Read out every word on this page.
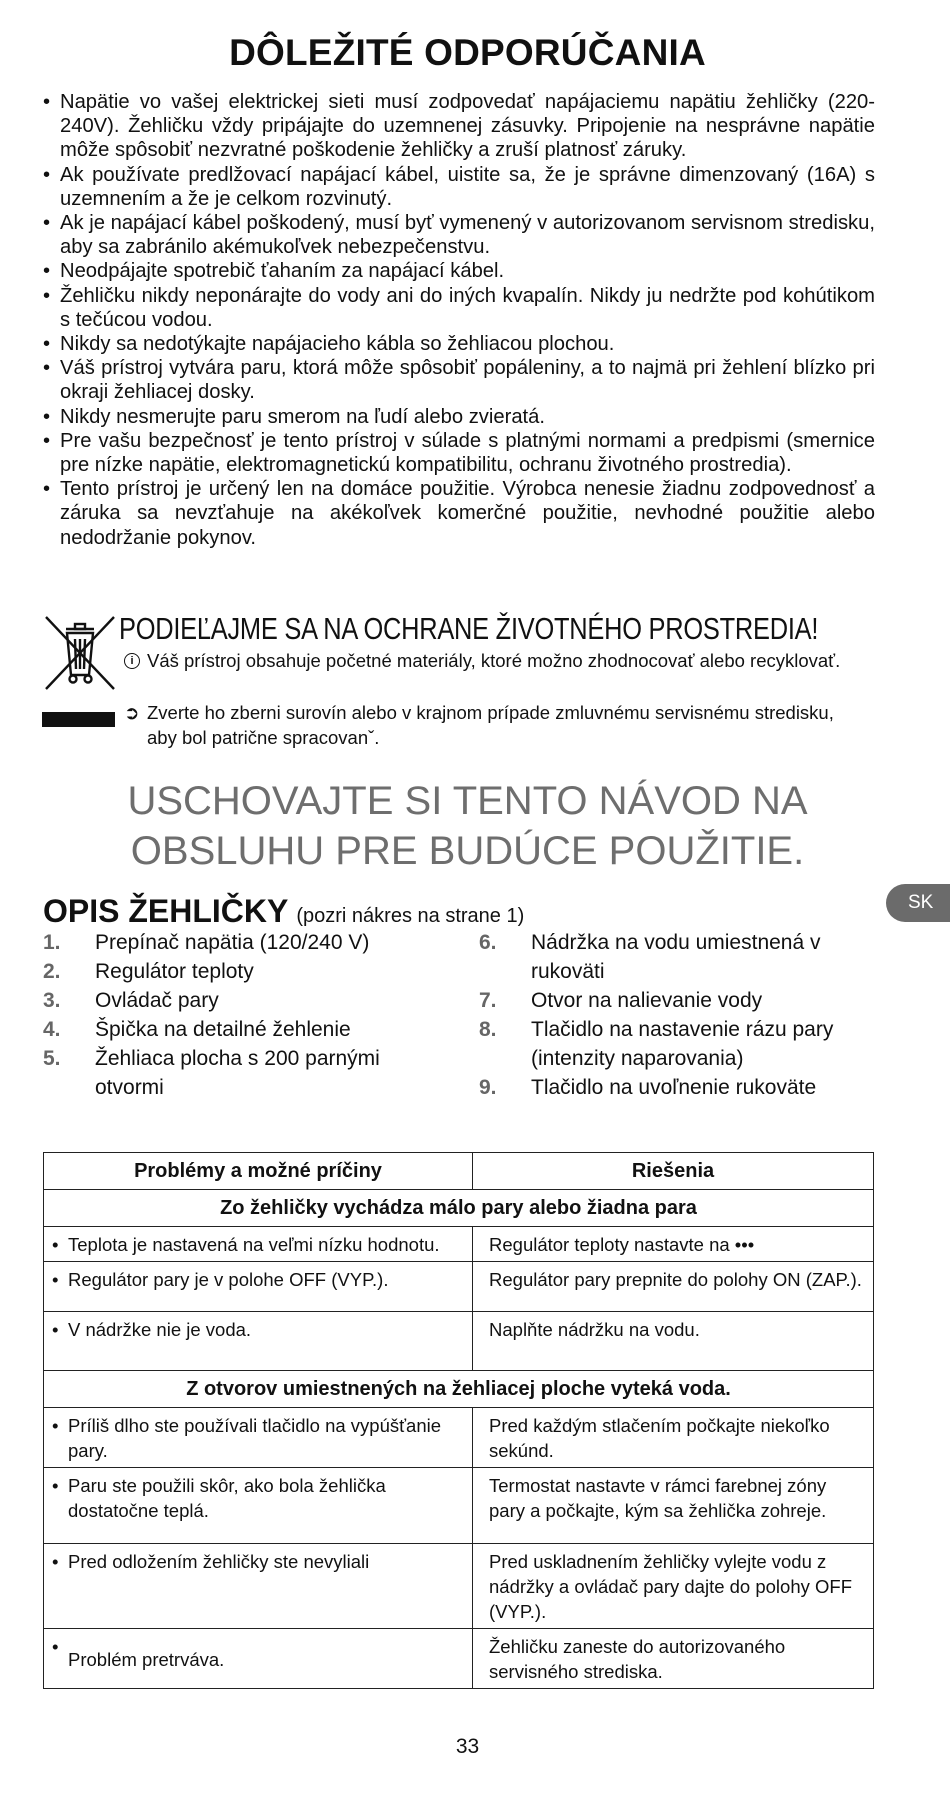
DÔLEŽITÉ ODPORÚČANIA
• Napätie vo vašej elektrickej sieti musí zodpovedať napájaciemu napätiu žehličky (220-240V). Žehličku vždy pripájajte do uzemnenej zásuvky. Pripojenie na nesprávne napätie môže spôsobiť nezvratné poškodenie žehličky a zruší platnosť záruky.
• Ak používate predlžovací napájací kábel, uistite sa, že je správne dimenzovaný (16A) s uzemnením a že je celkom rozvinutý.
• Ak je napájací kábel poškodený, musí byť vymenený v autorizovanom servisnom stredisku, aby sa zabránilo akémukoľvek nebezpečenstvu.
• Neodpájajte spotrebič ťahaním za napájací kábel.
• Žehličku nikdy neponárajte do vody ani do iných kvapalín. Nikdy ju nedržte pod kohútikom s tečúcou vodou.
• Nikdy sa nedotýkajte napájacieho kábla so žehliacou plochou.
• Váš prístroj vytvára paru, ktorá môže spôsobiť popáleniny, a to najmä pri žehlení blízko pri okraji žehliacej dosky.
• Nikdy nesmerujte paru smerom na ľudí alebo zvieratá.
• Pre vašu bezpečnosť je tento prístroj v súlade s platnými normami a predpismi (smernice pre nízke napätie, elektromagnetickú kompatibilitu, ochranu životného prostredia).
• Tento prístroj je určený len na domáce použitie. Výrobca nenesie žiadnu zodpovednosť a záruka sa nevzťahuje na akékoľvek komerčné použitie, nevhodné použitie alebo nedodržanie pokynov.
PODIEĽAJME SA NA OCHRANE ŽIVOTNÉHO PROSTREDIA!
i Váš prístroj obsahuje početné materiály, ktoré možno zhodnocovať alebo recyklovať.
➲ Zverte ho zberni surovín alebo v krajnom prípade zmluvnému servisnému stredisku, aby bol patrične spracovanˇ.
USCHOVAJTE SI TENTO NÁVOD NA
OBSLUHU PRE BUDÚCE POUŽITIE.
SK
OPIS ŽEHLIČKY (pozri nákres na strane 1)
1. Prepínač napätia (120/240 V)
2. Regulátor teploty
3. Ovládač pary
4. Špička na detailné žehlenie
5. Žehliaca plocha s 200 parnými otvormi
6. Nádržka na vodu umiestnená v rukoväti
7. Otvor na nalievanie vody
8. Tlačidlo na nastavenie rázu pary (intenzity naparovania)
9. Tlačidlo na uvoľnenie rukoväte
Problémy a možné príčiny	Riešenia
Zo žehličky vychádza málo pary alebo žiadna para	
• Teplota je nastavená na veľmi nízku hodnotu.	Regulátor teploty nastavte na •••
• Regulátor pary je v polohe OFF (VYP.).	Regulátor pary prepnite do polohy ON (ZAP.).
• V nádržke nie je voda.	Naplňte nádržku na vodu.
Z otvorov umiestnených na žehliacej ploche vyteká voda.	
• Príliš dlho ste používali tlačidlo na vypúšťanie pary.	Pred každým stlačením počkajte niekoľko sekúnd.
• Paru ste použili skôr, ako bola žehlička dostatočne teplá.	Termostat nastavte v rámci farebnej zóny pary a počkajte, kým sa žehlička zohreje.
• Pred odložením žehličky ste nevyliali	Pred uskladnením žehličky vylejte vodu z nádržky a ovládač pary dajte do polohy OFF (VYP.).
• Problém pretrváva.	Žehličku zaneste do autorizovaného servisného strediska.
33
